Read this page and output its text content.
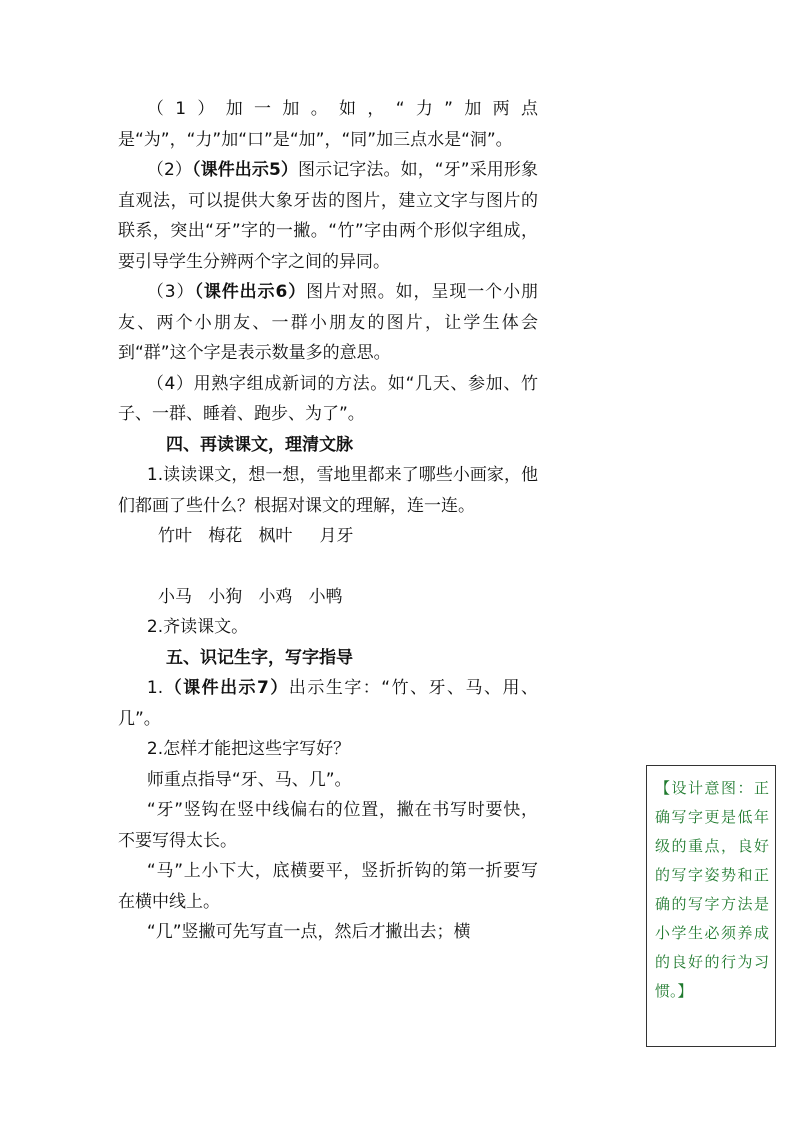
（1）加一加。如，“力”加两点是“为”，“力”加“口”是“加”，“同”加三点水是“洞”。

（2）（课件出示5）图示记字法。如，“牙”采用形象直观法，可以提供大象牙齿的图片，建立文字与图片的联系，突出“牙”字的一撇。“竹”字由两个形似字组成，要引导学生分辨两个字之间的异同。

（3）（课件出示6）图片对照。如，呈现一个小朋友、两个小朋友、一群小朋友的图片，让学生体会到“群”这个字是表示数量多的意思。

（4）用熟字组成新词的方法。如“几天、参加、竹子、一群、睡着、跑步、为了”。

四、再读课文，理清文脉

1.读读课文，想一想，雪地里都来了哪些小画家，他们都画了些什么？根据对课文的理解，连一连。

竹叶 梅花 枫叶 月牙

小马 小狗 小鸡 小鸭

2.齐读课文。

五、识记生字，写字指导

1.（课件出示7）出示生字：“竹、牙、马、用、几”。

2.怎样才能把这些字写好？

师重点指导“牙、马、几”。

“牙”竖钩在竖中线偏右的位置，撇在书写时要快，不要写得太长。

“马”上小下大，底横要平，竖折折钩的第一折要写在横中线上。

“几”竖撇可先写直一点，然后才撇出去；横

【设计意图：正确写字更是低年级的重点，良好的写字姿势和正确的写字方法是小学生必须养成的良好的行为习惯。】
